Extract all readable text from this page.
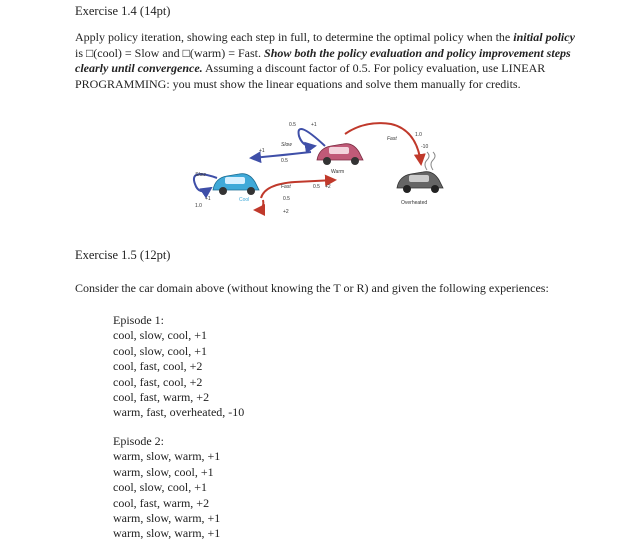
Exercise 1.4 (14pt)
Apply policy iteration, showing each step in full, to determine the optimal policy when the initial policy
is □(cool) = Slow and □(warm) = Fast. Show both the policy evaluation and policy improvement steps
clearly until convergence. Assuming a discount factor of 0.5. For policy evaluation, use LINEAR
PROGRAMMING: you must show the linear equations and solve them manually for credits.
Slow
+1
1.0
Cool
0.5	+1
Slow
+1
0.5
Warm
Fast	0.5 +2
0.5
+2
Fast
1.0
-10
Overheated
Exercise 1.5 (12pt)
Consider the car domain above (without knowing the T or R) and given the following experiences:
Episode 1:
cool, slow, cool, +1
cool, slow, cool, +1
cool, fast, cool, +2
cool, fast, cool, +2
cool, fast, warm, +2
warm, fast, overheated, -10
Episode 2:
warm, slow, warm, +1
warm, slow, cool, +1
cool, slow, cool, +1
cool, fast, warm, +2
warm, slow, warm, +1
warm, slow, warm, +1
